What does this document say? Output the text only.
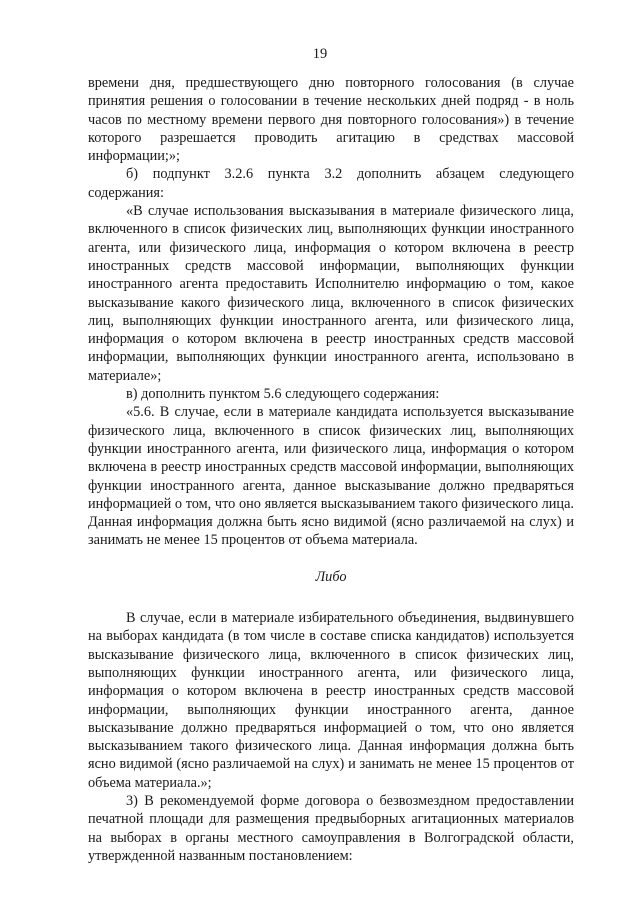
19

времени дня, предшествующего дню повторного голосования (в случае принятия решения о голосовании в течение нескольких дней подряд - в ноль часов по местному времени первого дня повторного голосования») в течение которого разрешается проводить агитацию в средствах массовой информации;»;

б) подпункт 3.2.6 пункта 3.2 дополнить абзацем следующего содержания:

«В случае использования высказывания в материале физического лица, включенного в список физических лиц, выполняющих функции иностранного агента, или физического лица, информация о котором включена в реестр иностранных средств массовой информации, выполняющих функции иностранного агента предоставить Исполнителю информацию о том, какое высказывание какого физического лица, включенного в список физических лиц, выполняющих функции иностранного агента, или физического лица, информация о котором включена в реестр иностранных средств массовой информации, выполняющих функции иностранного агента, использовано в материале»;

в) дополнить пунктом 5.6 следующего содержания:

«5.6. В случае, если в материале кандидата используется высказывание физического лица, включенного в список физических лиц, выполняющих функции иностранного агента, или физического лица, информация о котором включена в реестр иностранных средств массовой информации, выполняющих функции иностранного агента, данное высказывание должно предваряться информацией о том, что оно является высказыванием такого физического лица. Данная информация должна быть ясно видимой (ясно различаемой на слух) и занимать не менее 15 процентов от объема материала.

Либо

В случае, если в материале избирательного объединения, выдвинувшего на выборах кандидата (в том числе в составе списка кандидатов) используется высказывание физического лица, включенного в список физических лиц, выполняющих функции иностранного агента, или физического лица, информация о котором включена в реестр иностранных средств массовой информации, выполняющих функции иностранного агента, данное высказывание должно предваряться информацией о том, что оно является высказыванием такого физического лица. Данная информация должна быть ясно видимой (ясно различаемой на слух) и занимать не менее 15 процентов от объема материала.»;

3) В рекомендуемой форме договора о безвозмездном предоставлении печатной площади для размещения предвыборных агитационных материалов на выборах в органы местного самоуправления в Волгоградской области, утвержденной названным постановлением:
